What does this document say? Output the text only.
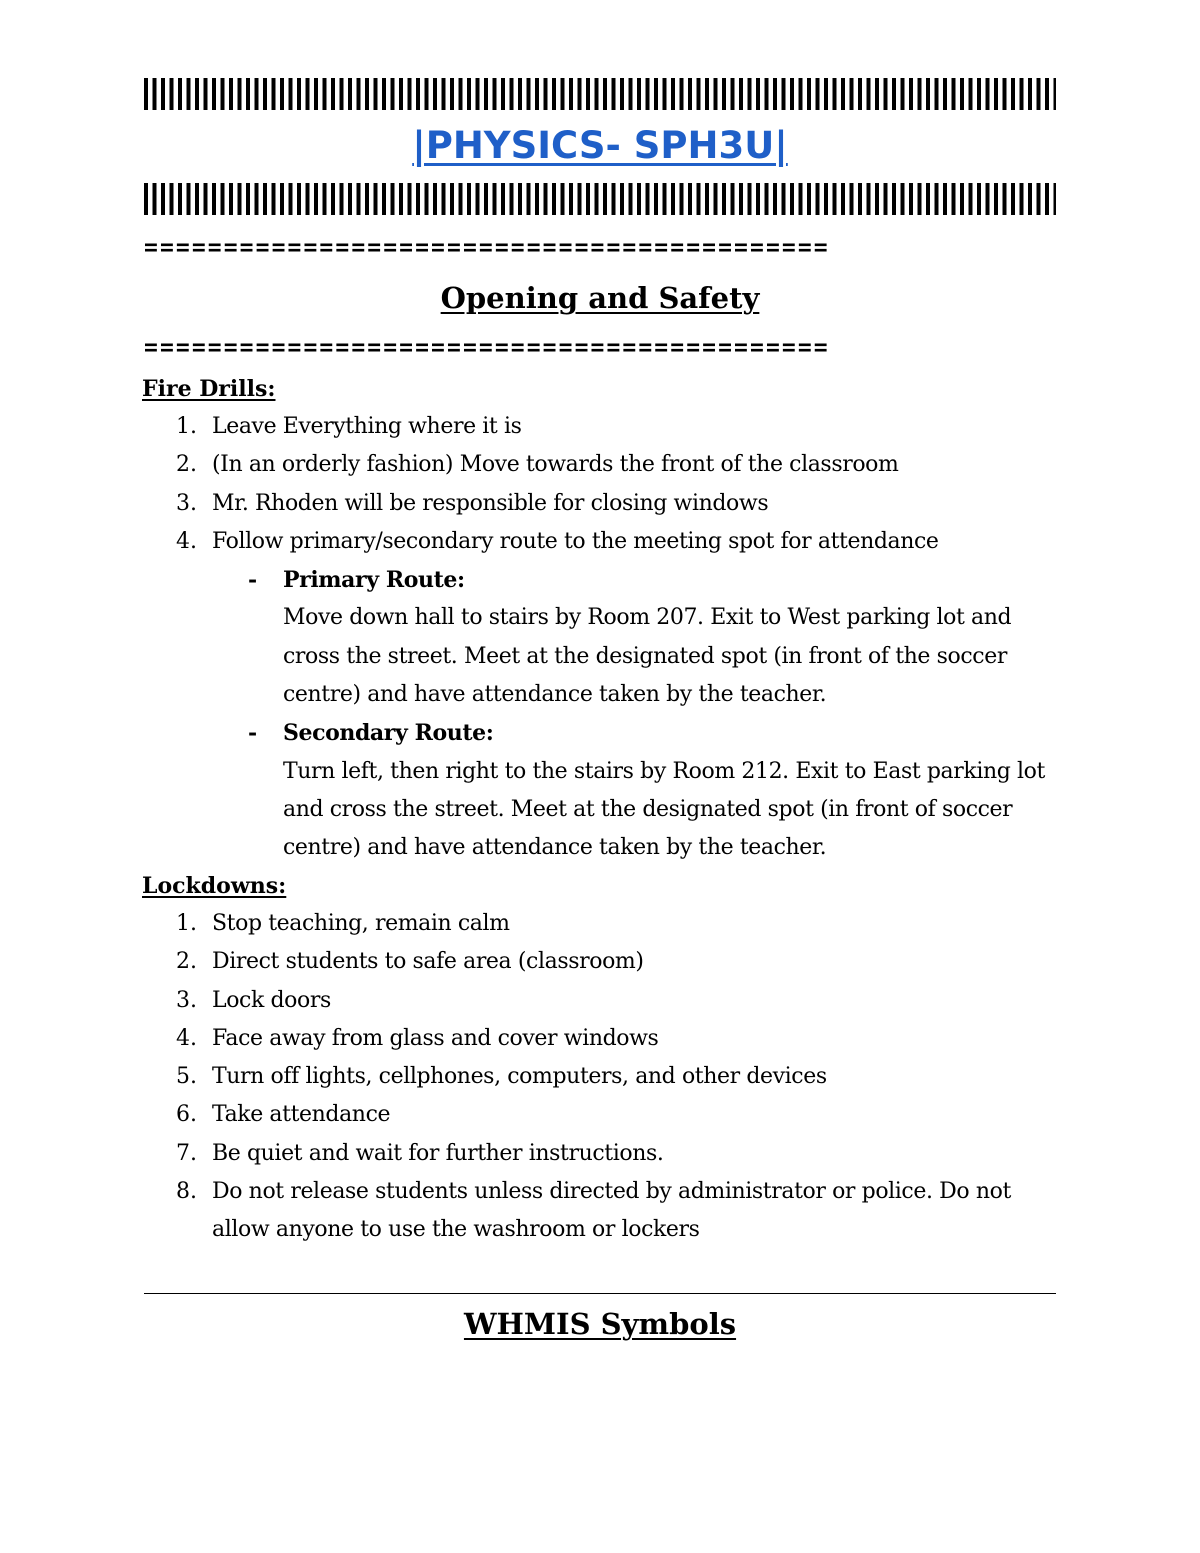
|PHYSICS- SPH3U|
===========================================
Opening and Safety
===========================================
Fire Drills:
1. Leave Everything where it is
2. (In an orderly fashion) Move towards the front of the classroom
3. Mr. Rhoden will be responsible for closing windows
4. Follow primary/secondary route to the meeting spot for attendance
- Primary Route:
Move down hall to stairs by Room 207. Exit to West parking lot and cross the street. Meet at the designated spot (in front of the soccer centre) and have attendance taken by the teacher.
- Secondary Route:
Turn left, then right to the stairs by Room 212. Exit to East parking lot and cross the street. Meet at the designated spot (in front of soccer centre) and have attendance taken by the teacher.
Lockdowns:
1. Stop teaching, remain calm
2. Direct students to safe area (classroom)
3. Lock doors
4. Face away from glass and cover windows
5. Turn off lights, cellphones, computers, and other devices
6. Take attendance
7. Be quiet and wait for further instructions.
8. Do not release students unless directed by administrator or police. Do not allow anyone to use the washroom or lockers
WHMIS Symbols
